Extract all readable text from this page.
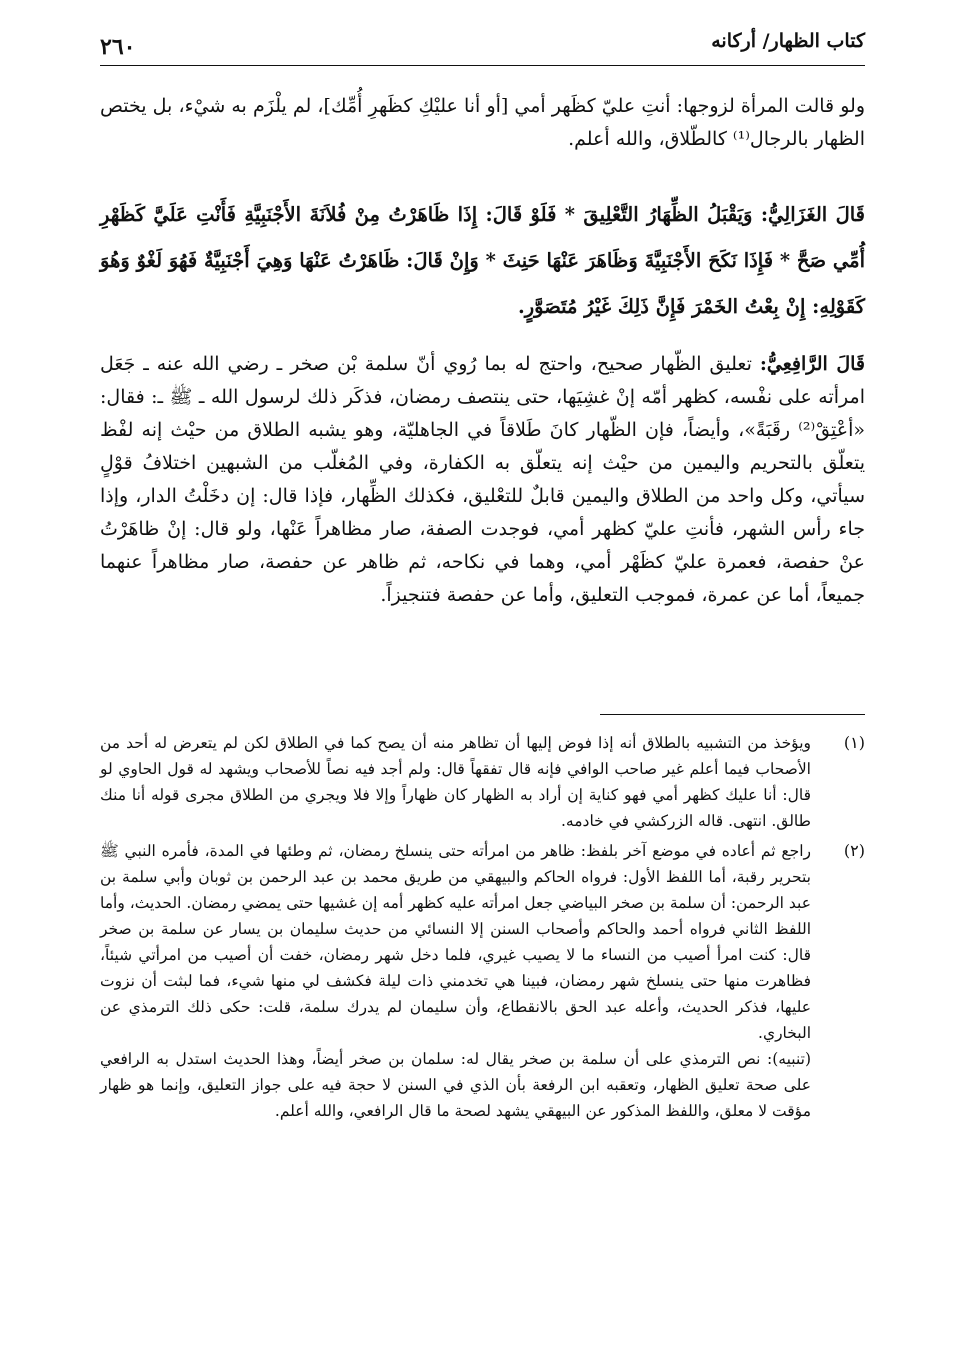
كتاب الظهار/ أركانه
٢٦٠

ولو قالت المرأة لزوجها: أنتِ عليّ كظَهر أمي [أو أنا عليْكِ كظَهرِ أُمِّك]، لم يلْزَم به شيْء، بل يختص الظهار بالرجال⁽¹⁾ كالطّلاق، والله أعلم.

قَالَ الغَزَالِيُّ: وَيَقْبَلُ الظِّهَارُ التَّعْلِيقَ * فَلَوْ قَالَ: إِذَا ظَاهَرْتُ مِنْ فُلاَنَةَ الأَجْنَبِيَّةِ فَأَنْتِ عَلَيَّ كَظَهْرِ أُمِّي صَحَّ * فَإِذَا نَكَحَ الأَجْنَبِيَّةَ وَظَاهَرَ عَنْهَا حَنِثَ * وَإِنْ قَالَ: ظَاهَرْتُ عَنْهَا وَهِيَ أَجْنَبِيَّةٌ فَهُوَ لَغْوٌ وَهُوَ كَقَوْلِهِ: إِنْ بِعْتُ الخَمْرَ فَإِنَّ ذَلِكَ غَيْرُ مُتَصَوَّرٍ.

قَالَ الرَّافِعِيُّ: تعليق الظّهار صحيح، واحتج له بما رُوي أنّ سلمة بْن صخر ـ رضي الله عنه ـ جَعَل امرأته على نفْسه، كظهر أمّه إنْ غشِيَها، حتى ينتصف رمضان، فذكَر ذلك لرسول الله ـ ﷺ ـ: فقال: «أعْتِقْ⁽²⁾ رقَبَةً»، وأيضاً، فإن الظّهار كانَ طَلاقاً في الجاهليّة، وهو يشبه الطلاق من حيْث إنه لفْظ يتعلّق بالتحريم واليمين من حيْث إنه يتعلّق به الكفارة، وفي المُغلّب من الشبهين اختلافُ قوْلٍ سيأتي، وكل واحد من الطلاق واليمين قابلٌ للتعْليق، فكذلك الظِّهار، فإذا قال: إن دخَلْتُ الدار، وإذا جاء رأس الشهر، فأنتِ عليّ كظهر أمي، فوجدت الصفة، صار مظاهراً عَنْها، ولو قال: إنْ ظاهَرْتُ عنْ حفصة، فعمرة عليّ كظَهْر أمي، وهما في نكاحه، ثم ظاهر عن حفصة، صار مظاهراً عنهما جميعاً، أما عن عمرة، فموجب التعليق، وأما عن حفصة فتنجيزاً.

(١)

ويؤخذ من التشبيه بالطلاق أنه إذا فوض إليها أن تظاهر منه أن يصح كما في الطلاق لكن لم يتعرض له أحد من الأصحاب فيما أعلم غير صاحب الوافي فإنه قال تفقهاً قال: ولم أجد فيه نصاً للأصحاب ويشهد له قول الحاوي لو قال: أنا عليك كظهر أمي فهو كناية إن أراد به الظهار كان ظهاراً وإلا فلا ويجري من الطلاق مجرى قوله أنا منك طالق. انتهى. قاله الزركشي في خادمه.

(٢)

راجع ثم أعاده في موضع آخر بلفظ: ظاهر من امرأته حتى ينسلخ رمضان، ثم وطئها في المدة، فأمره النبي ﷺ بتحرير رقبة، أما اللفظ الأول: فرواه الحاكم والبيهقي من طريق محمد بن عبد الرحمن بن ثوبان وأبي سلمة بن عبد الرحمن: أن سلمة بن صخر البياضي جعل امرأته عليه كظهر أمه إن غشيها حتى يمضي رمضان. الحديث، وأما اللفظ الثاني فرواه أحمد والحاكم وأصحاب السنن إلا النسائي من حديث سليمان بن يسار عن سلمة بن صخر قال: كنت امرأ أصيب من النساء ما لا يصيب غيري، فلما دخل شهر رمضان، خفت أن أصيب من امرأتي شيئاً، فظاهرت منها حتى ينسلخ شهر رمضان، فبينا هي تخدمني ذات ليلة فكشف لي منها شيء، فما لبثت أن نزوت عليها، فذكر الحديث، وأعله عبد الحق بالانقطاع، وأن سليمان لم يدرك سلمة، قلت: حكى ذلك الترمذي عن البخاري.

(تنبيه): نص الترمذي على أن سلمة بن صخر يقال له: سلمان بن صخر أيضاً، وهذا الحديث استدل به الرافعي على صحة تعليق الظهار، وتعقبه ابن الرفعة بأن الذي في السنن لا حجة فيه على جواز التعليق، وإنما هو ظهار مؤقت لا معلق، واللفظ المذكور عن البيهقي يشهد لصحة ما قال الرافعي، والله أعلم.
